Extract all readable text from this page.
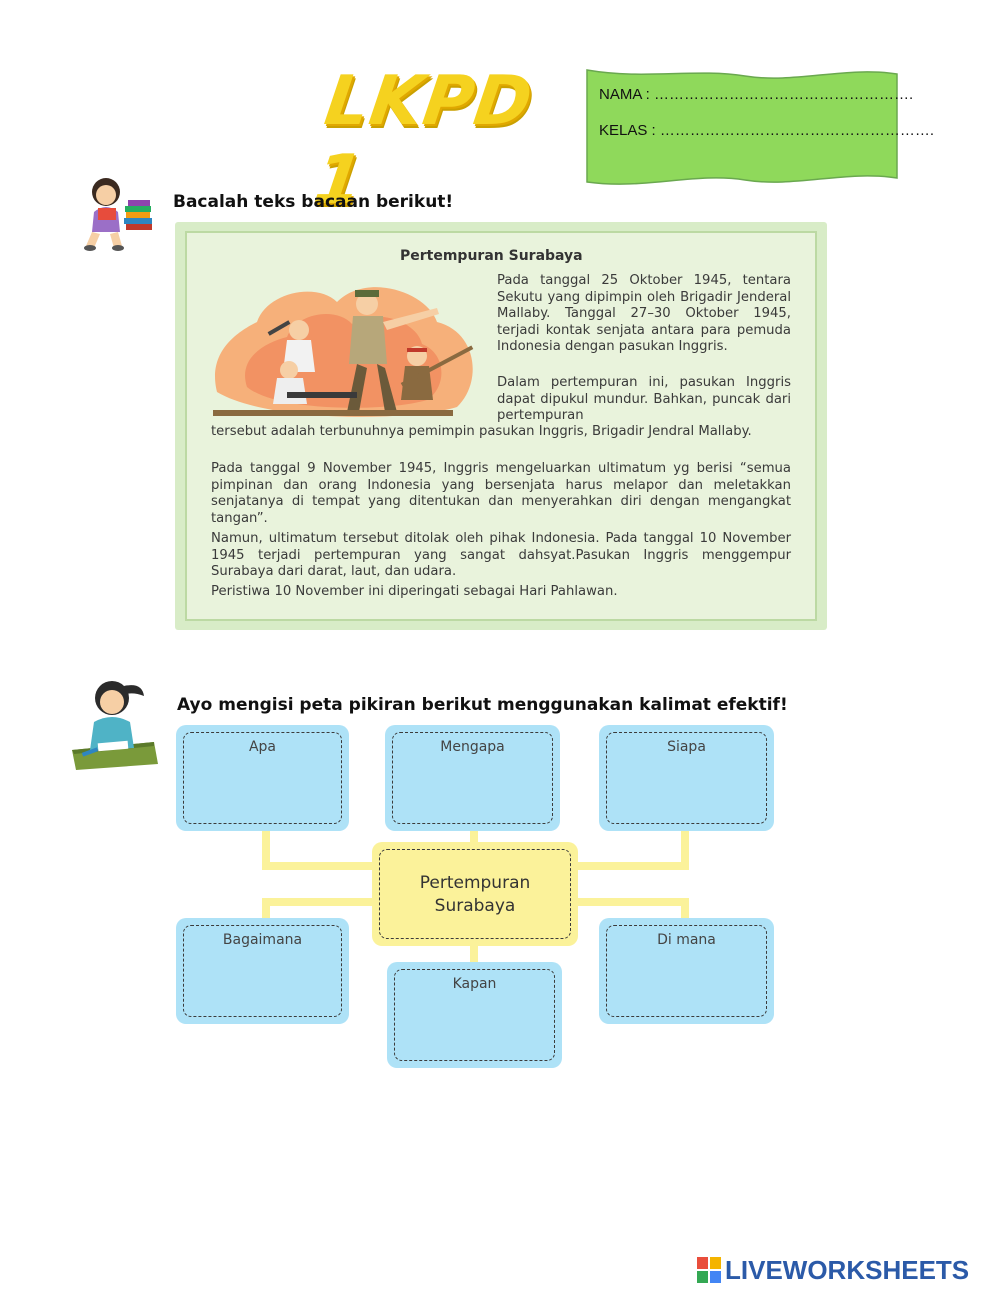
LKPD 1
NAMA : …………………………………………….
KELAS : ……………………………………………….
Bacalah teks bacaan berikut!
Pertempuran Surabaya
Pada tanggal 25 Oktober 1945, tentara Sekutu yang dipimpin oleh Brigadir Jenderal Mallaby. Tanggal 27–30 Oktober 1945, terjadi kontak senjata antara para pemuda Indonesia dengan pasukan Inggris.
Dalam pertempuran ini, pasukan Inggris dapat dipukul mundur. Bahkan, puncak dari pertempuran
tersebut adalah terbunuhnya pemimpin pasukan Inggris, Brigadir Jendral Mallaby.
Pada tanggal 9 November 1945, Inggris mengeluarkan ultimatum yg berisi “semua pimpinan dan orang Indonesia yang bersenjata harus melapor dan meletakkan senjatanya di tempat yang ditentukan dan menyerahkan diri dengan mengangkat tangan”.
Namun, ultimatum tersebut ditolak oleh pihak Indonesia. Pada tanggal 10 November 1945 terjadi pertempuran yang sangat dahsyat.Pasukan Inggris menggempur Surabaya dari darat, laut, dan udara.
Peristiwa 10 November ini diperingati sebagai Hari Pahlawan.
Ayo mengisi peta pikiran berikut menggunakan kalimat efektif!
Apa	Mengapa	Siapa
Pertempuran Surabaya
Bagaimana
Kapan
Di mana
LIVEWORKSHEETS
